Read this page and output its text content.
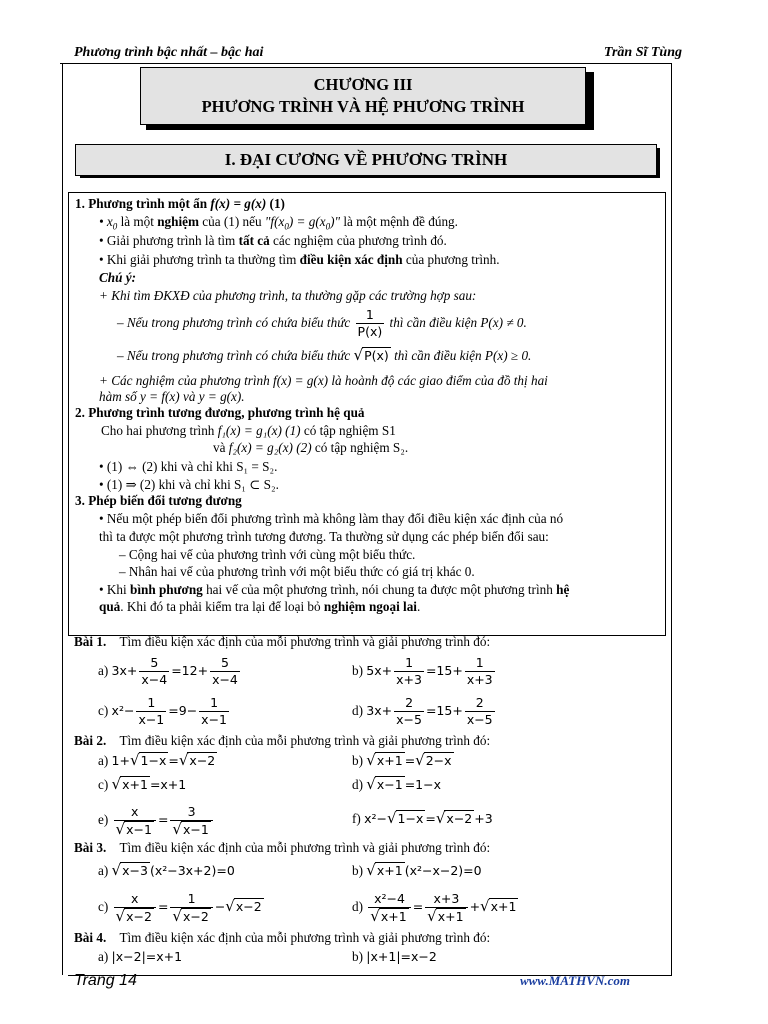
Phương trình bậc nhất – bậc hai	Trần Sĩ Tùng
CHƯƠNG III
PHƯƠNG TRÌNH VÀ HỆ PHƯƠNG TRÌNH
I. ĐẠI CƯƠNG VỀ PHƯƠNG TRÌNH
1. Phương trình một ẩn f(x) = g(x) (1)
• $x_0$ là một nghiệm của (1) nếu "$f(x_0) = g(x_0)$" là một mệnh đề đúng.
• Giải phương trình là tìm tất cả các nghiệm của phương trình đó.
• Khi giải phương trình ta thường tìm điều kiện xác định của phương trình.
Chú ý:
+ Khi tìm ĐKXĐ của phương trình, ta thường gặp các trường hợp sau:
– Nếu trong phương trình có chứa biểu thức $\frac{1}{P(x)}$ thì cần điều kiện P(x) ≠ 0.
– Nếu trong phương trình có chứa biểu thức √P(x) thì cần điều kiện P(x) ≥ 0.
+ Các nghiệm của phương trình f(x) = g(x) là hoành độ các giao điểm của đồ thị hai
hàm số y = f(x) và y = g(x).
2. Phương trình tương đương, phương trình hệ quả
Cho hai phương trình f₁(x) = g₁(x) (1) có tập nghiệm S1
và f₂(x) = g₂(x) (2) có tập nghiệm S₂.
• (1) ⇔ (2) khi và chỉ khi S₁ = S₂.
• (1) ⇒ (2) khi và chỉ khi S₁ ⊂ S₂.
3. Phép biến đổi tương đương
• Nếu một phép biến đổi phương trình mà không làm thay đổi điều kiện xác định của nó
thì ta được một phương trình tương đương. Ta thường sử dụng các phép biến đổi sau:
– Cộng hai vế của phương trình với cùng một biểu thức.
– Nhân hai vế của phương trình với một biểu thức có giá trị khác 0.
• Khi bình phương hai vế của một phương trình, nói chung ta được một phương trình hệ
quả. Khi đó ta phải kiểm tra lại để loại bỏ nghiệm ngoại lai.
Bài 1. Tìm điều kiện xác định của mỗi phương trình và giải phương trình đó:
a) $3x+ \frac{5}{x-4} =12+ \frac{5}{x-4}$	b) $5x+ \frac{1}{x+3} =15+ \frac{1}{x+3}$
c) $x^2- \frac{1}{x-1} =9- \frac{1}{x-1}$	d) $3x+ \frac{2}{x-5} =15+ \frac{2}{x-5}$
Bài 2. Tìm điều kiện xác định của mỗi phương trình và giải phương trình đó:
a) 1+√1−x =√x−2	b) √x+1 =√2−x
c) √x+1 =x+1	d) √x−1 =1−x
$e) \frac{x}{√x-1} = \frac{3}{√x-1}$	f) x²−√1−x =√x−2 +3
Bài 3. Tìm điều kiện xác định của mỗi phương trình và giải phương trình đó:
a) √x−3 (x²−3x+2)=0	b) √x+1 (x²−x−2)=0
$c) \frac{x}{√x-2} = \frac{1}{√x-2} -√x-2$	$d) \frac{\text{x²−4}}{√x+1} = \frac{x+3}{√x+1} +√x+1$
Bài 4. Tìm điều kiện xác định của mỗi phương trình và giải phương trình đó:
a) |x−2|=x+1	b) |x+1|=x−2
Trang 14	www.MATHVN.com
